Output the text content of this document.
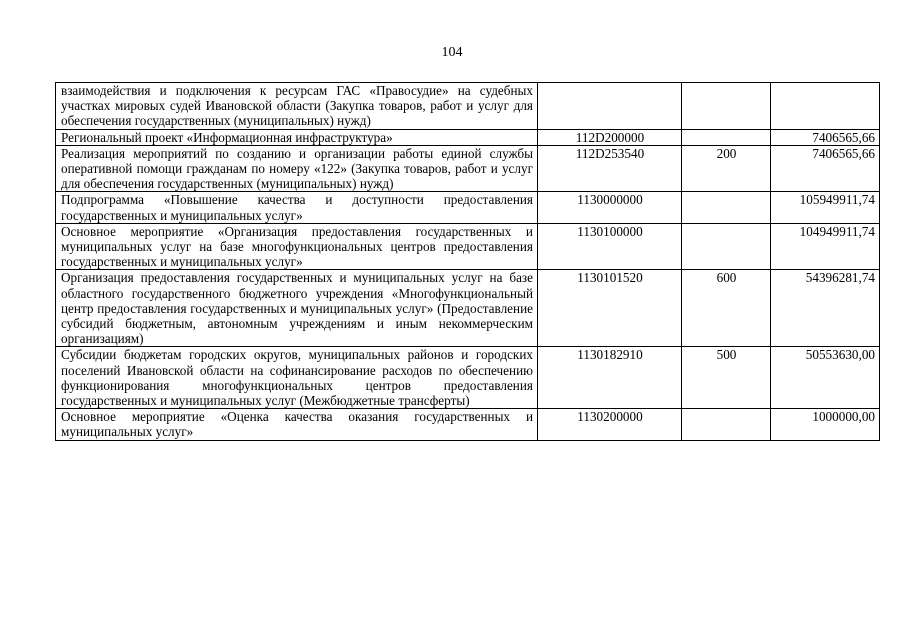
104
взаимодействия и подключения к ресурсам ГАС «Правосудие» на судебных участках мировых судей Ивановской области (Закупка товаров, работ и услуг для обеспечения государственных (муниципальных) нужд)			
Региональный проект «Информационная инфраструктура»	112D200000		7406565,66
Реализация мероприятий по созданию и организации работы единой службы оперативной помощи гражданам по номеру «122» (Закупка товаров, работ и услуг для обеспечения государственных (муниципальных) нужд)	112D253540	200	7406565,66
Подпрограмма «Повышение качества и доступности предоставления государственных и муниципальных услуг»	1130000000		105949911,74
Основное мероприятие «Организация предоставления государственных и муниципальных услуг на базе многофункциональных центров предоставления государственных и муниципальных услуг»	1130100000		104949911,74
Организация предоставления государственных и муниципальных услуг на базе областного государственного бюджетного учреждения «Многофункциональный центр предоставления государственных и муниципальных услуг» (Предоставление субсидий бюджетным, автономным учреждениям и иным некоммерческим организациям)	1130101520	600	54396281,74
Субсидии бюджетам городских округов, муниципальных районов и городских поселений Ивановской области на софинансирование расходов по обеспечению функционирования многофункциональных центров предоставления государственных и муниципальных услуг (Межбюджетные трансферты)	1130182910	500	50553630,00
Основное мероприятие «Оценка качества оказания государственных и муниципальных услуг»	1130200000		1000000,00
